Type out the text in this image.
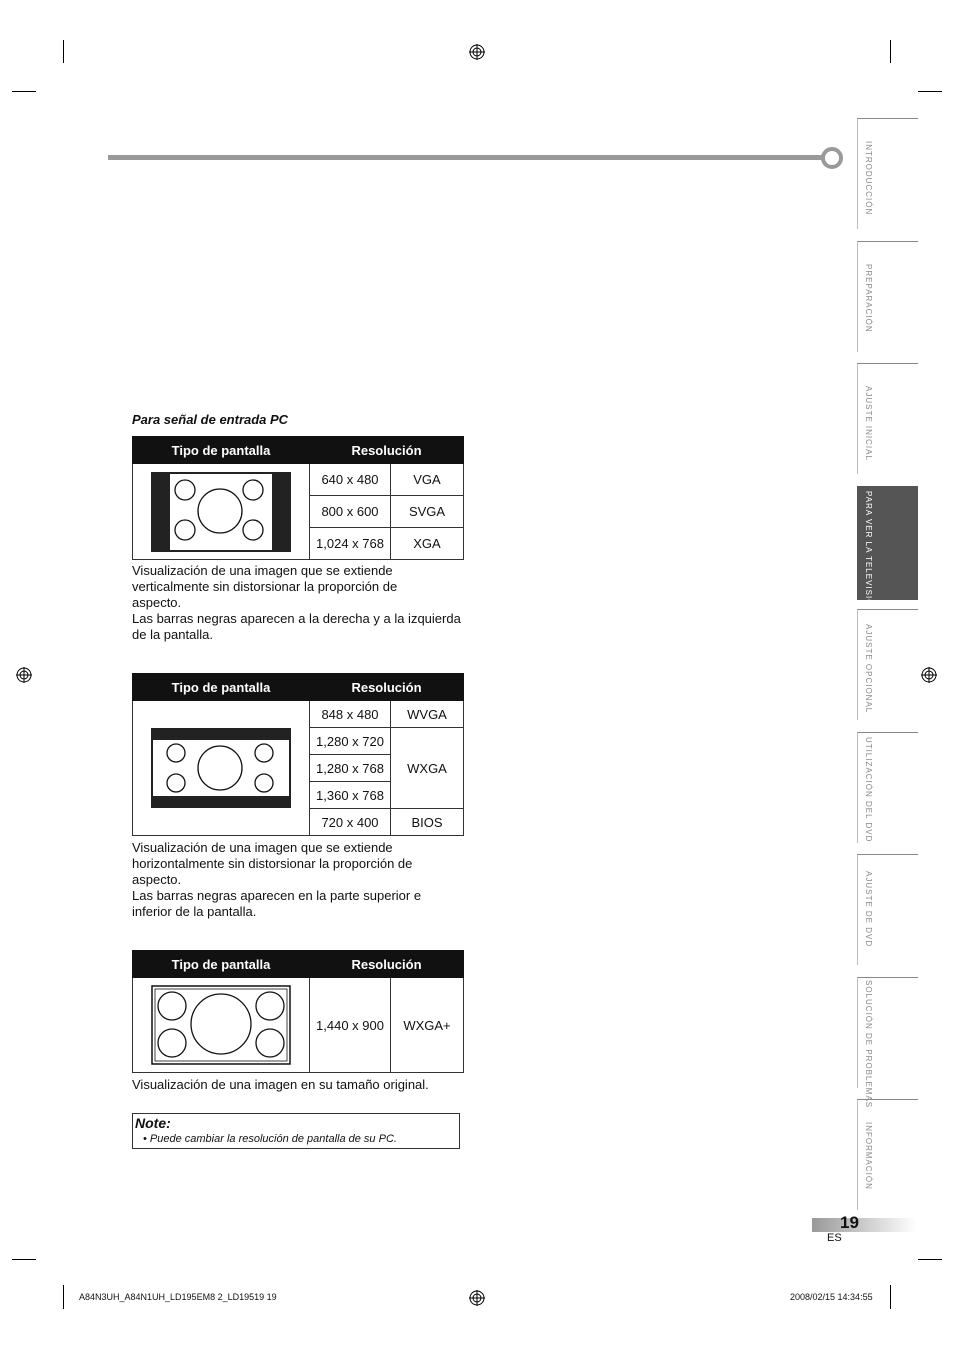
INTRODUCCIÓN
PREPARACIÓN
AJUSTE INICIAL
PARA VER LA TELEVISIÓN
AJUSTE OPCIONAL
UTILIZACIÓN DEL DVD
AJUSTE DE DVD
SOLUCIÓN DE PROBLEMAS
INFORMACIÓN
Para señal de entrada PC
Tipo de pantalla	Resolución	

	640 x 480	VGA
	800 x 600	SVGA
	1,024 x 768	XGA
Visualización de una imagen que se extiende
verticalmente sin distorsionar la proporción de
aspecto.
Las barras negras aparecen a la derecha y a la izquierda
de la pantalla.
Tipo de pantalla	Resolución	

	848 x 480	WVGA
	1,280 x 720	WXGA
	1,280 x 768	
	1,360 x 768	
	720 x 400	BIOS
Visualización de una imagen que se extiende
horizontalmente sin distorsionar la proporción de
aspecto.
Las barras negras aparecen en la parte superior e
inferior de la pantalla.
Tipo de pantalla	Resolución	

	1,440 x 900	WXGA+
Visualización de una imagen en su tamaño original.
Note:
• Puede cambiar la resolución de pantalla de su PC.
19
ES
A84N3UH_A84N1UH_LD195EM8 2_LD19519 19	2008/02/15 14:34:55
